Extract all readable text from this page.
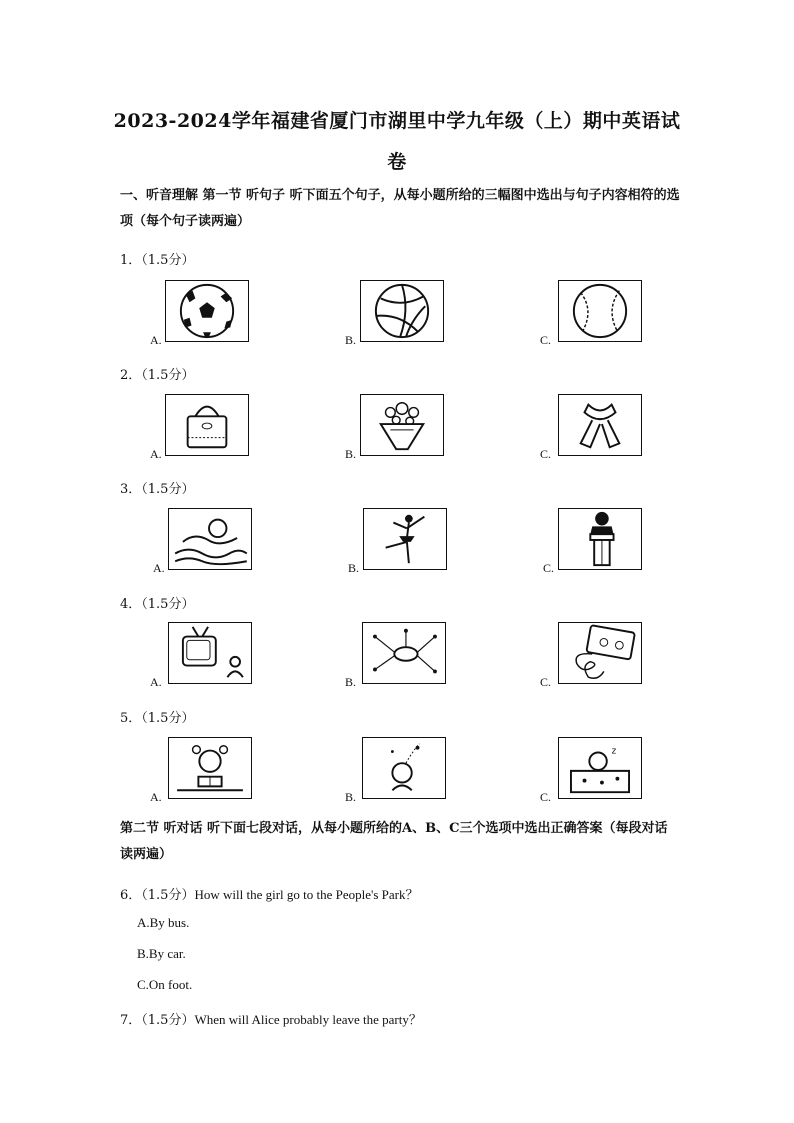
2023-2024学年福建省厦门市湖里中学九年级（上）期中英语试
卷
一、听音理解 第一节 听句子 听下面五个句子，从每小题所给的三幅图中选出与句子内容相符的选项（每个句子读两遍）
1．（1.5分）
A.	B.	C.
2．（1.5分）
A.	B.	C.
3．（1.5分）
A.	B.	C.
4．（1.5分）
A.	B.	C.
5．（1.5分）
A.	B.
z
C.
第二节 听对话 听下面七段对话，从每小题所给的A、B、C三个选项中选出正确答案（每段对话读两遍）
6．（1.5分）How will the girl go to the People's Park？
A.By bus.
B.By car.
C.On foot.
7．（1.5分）When will Alice probably leave the party？
